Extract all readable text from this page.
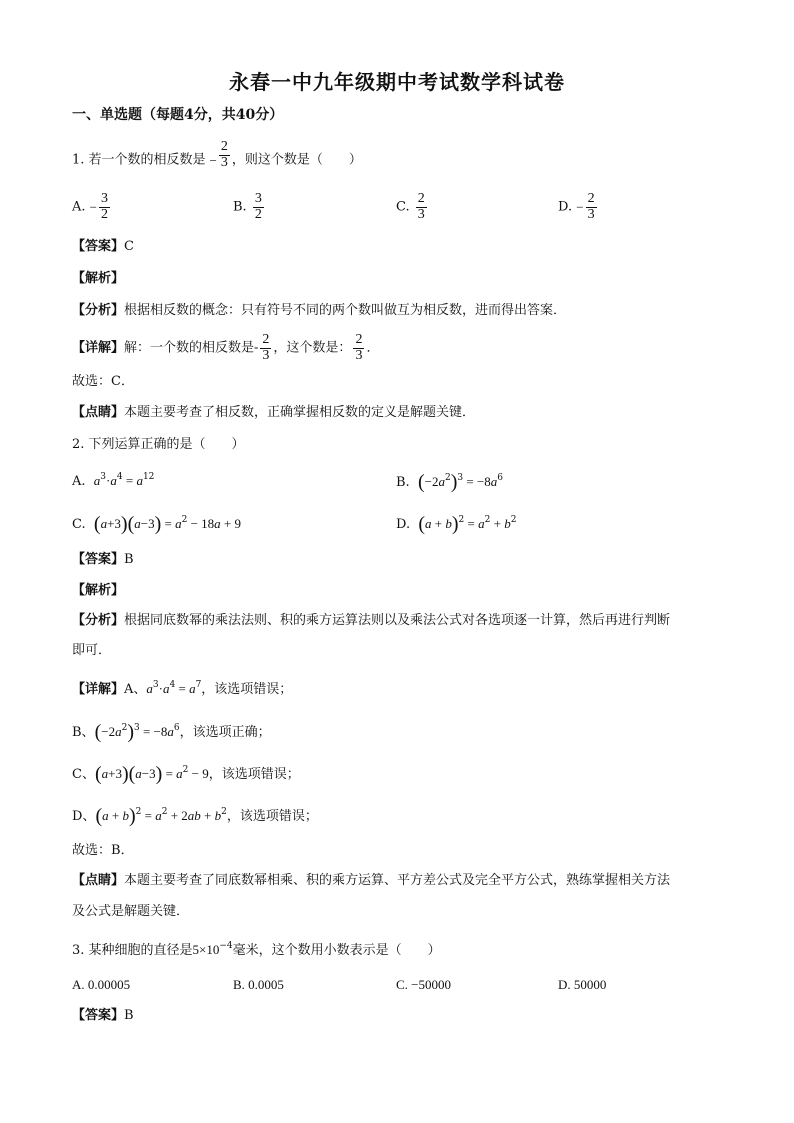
永春一中九年级期中考试数学科试卷
一、单选题（每题4分，共40分）
1. 若一个数的相反数是 − $\frac{2}{3}$ ，则这个数是（　　）
A. − $\frac{3}{2}$	B. $\frac{3}{2}$	C. $\frac{2}{3}$	D. − $\frac{2}{3}$
【答案】C
【解析】
【分析】根据相反数的概念：只有符号不同的两个数叫做互为相反数，进而得出答案．
【详解】解：一个数的相反数是- $\frac{2}{3}$ ，这个数是： $\frac{2}{3}$ ．
故选：C．
【点睛】本题主要考查了相反数，正确掌握相反数的定义是解题关键．
2. 下列运算正确的是（　　）
A.  $a^3\cdot a^4 = a^{12}$	B.  $(-2a^2)^3 = -8a^6$
C.  $(a+3)(a-3) = a^2 - 18a + 9$	D.  $(a + b)^2 = a^2 + b^2$
【答案】B
【解析】
【分析】根据同底数幂的乘法法则、积的乘方运算法则以及乘法公式对各选项逐一计算，然后再进行判断
即可．
【详解】A、$a^3\cdot a^4 = a^7$，该选项错误；
B、$(-2a^2)^3 = -8a^6$，该选项正确；
C、$(a+3)(a-3) = a^2 - 9$，该选项错误；
D、$(a + b)^2 = a^2 + 2ab + b^2$，该选项错误；
故选：B．
【点睛】本题主要考查了同底数幂相乘、积的乘方运算、平方差公式及完全平方公式，熟练掌握相关方法
及公式是解题关键．
3. 某种细胞的直径是$5\times 10^{-4}$毫米，这个数用小数表示是（　　）
A. 0.00005	B. 0.0005	C. −50000	D. 50000
【答案】B
